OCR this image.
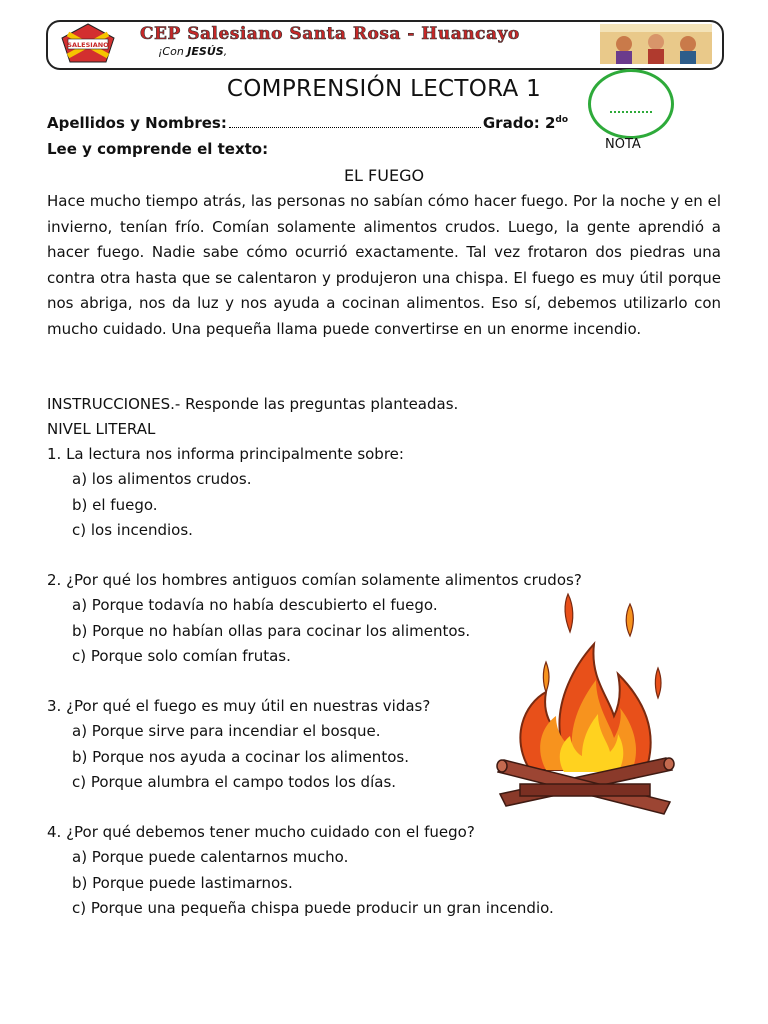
SALESIANO
CEP Salesiano Santa Rosa - Huancayo
¡Con JESÚS,
COMPRENSIÓN LECTORA 1
NOTA
Apellidos y Nombres:	Grado: $2^{do}$
Lee y comprende el texto:
EL FUEGO
Hace mucho tiempo atrás, las personas no sabían cómo hacer fuego. Por la noche y en el invierno, tenían frío. Comían solamente alimentos crudos. Luego, la gente aprendió a hacer fuego. Nadie sabe cómo ocurrió exactamente. Tal vez frotaron dos piedras una contra otra hasta que se calentaron y produjeron una chispa. El fuego es muy útil porque nos abriga, nos da luz y nos ayuda a cocinan alimentos. Eso sí, debemos utilizarlo con mucho cuidado. Una pequeña llama puede convertirse en un enorme incendio.
INSTRUCCIONES.- Responde las preguntas planteadas.
NIVEL LITERAL
1. La lectura nos informa principalmente sobre:
a) los alimentos crudos.
b) el fuego.
c) los incendios.
2. ¿Por qué los hombres antiguos comían solamente alimentos crudos?
a) Porque todavía no había descubierto el fuego.
b) Porque no habían ollas para cocinar los alimentos.
c) Porque solo comían frutas.
3. ¿Por qué el fuego es muy útil en nuestras vidas?
a) Porque sirve para incendiar el bosque.
b) Porque nos ayuda a cocinar los alimentos.
c) Porque alumbra el campo todos los días.
4. ¿Por qué debemos tener mucho cuidado con el fuego?
a) Porque puede calentarnos mucho.
b) Porque puede lastimarnos.
c) Porque una pequeña chispa puede producir un gran incendio.
